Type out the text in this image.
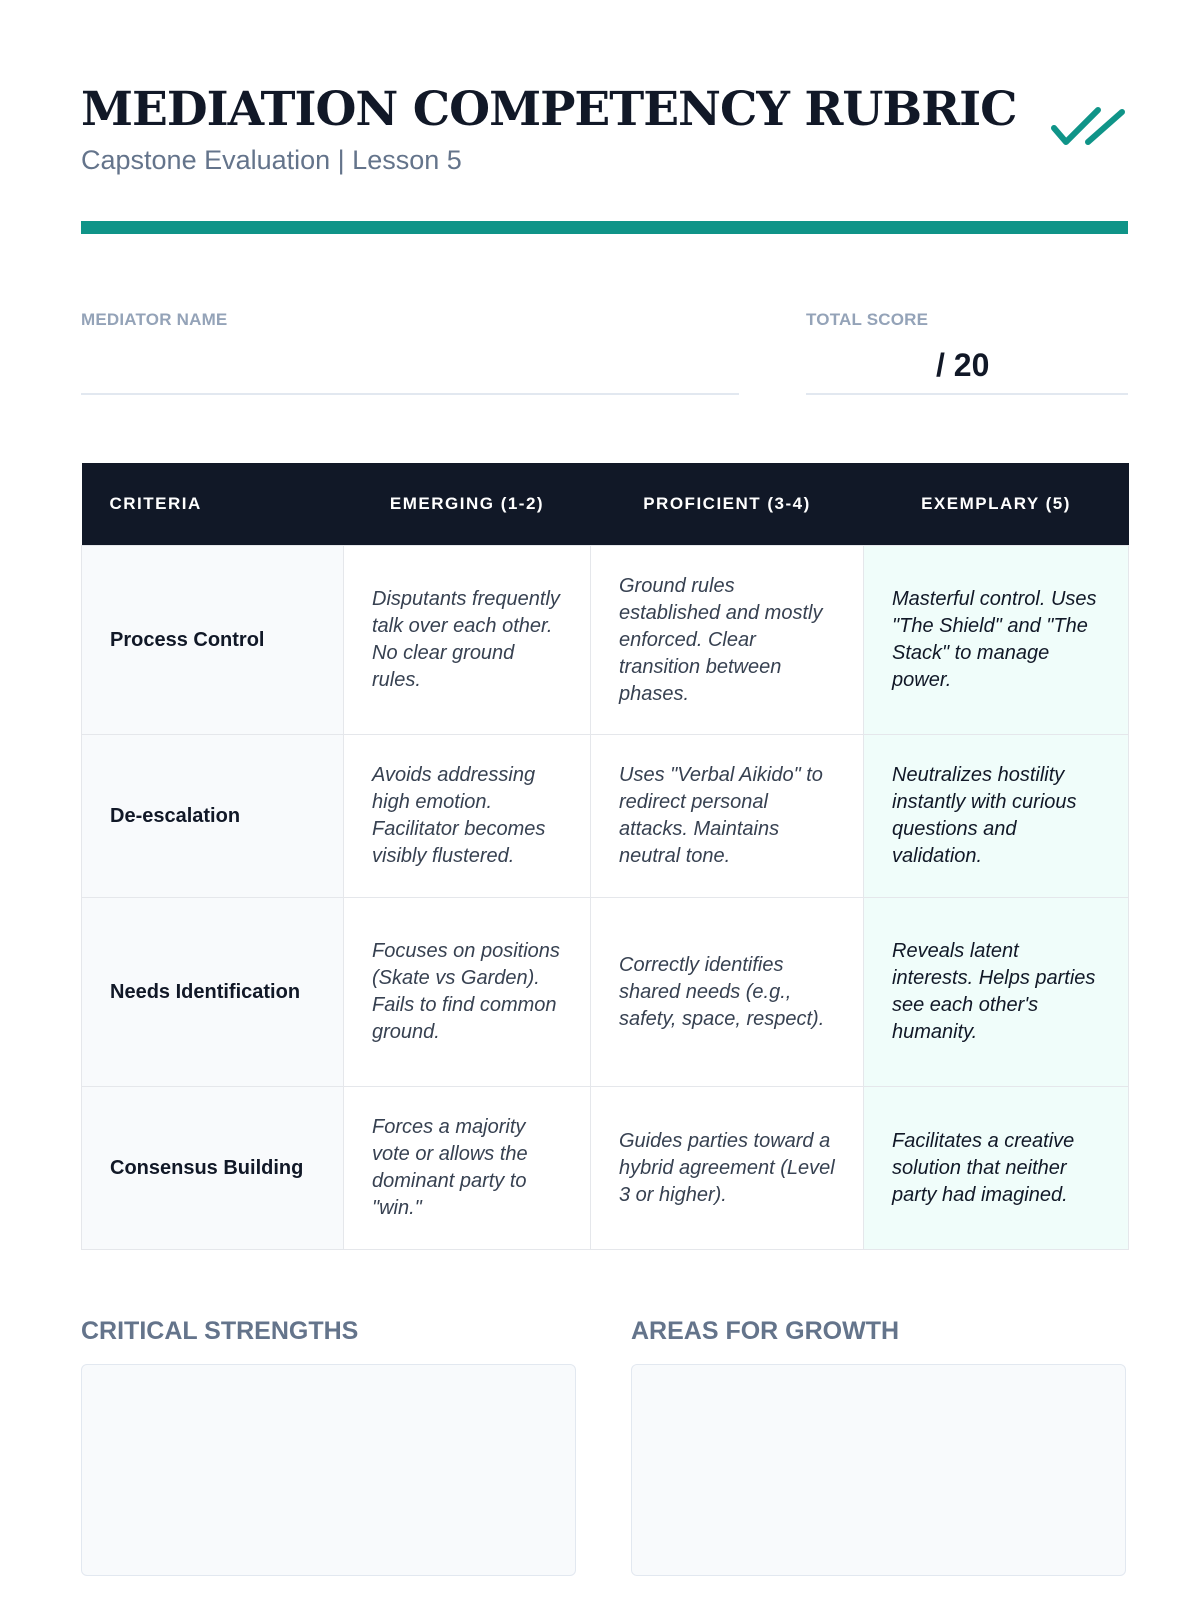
MEDIATION COMPETENCY RUBRIC
Capstone Evaluation | Lesson 5
MEDIATOR NAME	TOTAL SCORE
/ 20
CRITERIA	EMERGING (1-2)	PROFICIENT (3-4)	EXEMPLARY (5)
Process Control	Disputants frequently talk over each other. No clear ground rules.	Ground rules established and mostly enforced. Clear transition between phases.	Masterful control. Uses "The Shield" and "The Stack" to manage power.
De-escalation	Avoids addressing high emotion. Facilitator becomes visibly flustered.	Uses "Verbal Aikido" to redirect personal attacks. Maintains neutral tone.	Neutralizes hostility instantly with curious questions and validation.
Needs Identification	Focuses on positions (Skate vs Garden). Fails to find common ground.	Correctly identifies shared needs (e.g., safety, space, respect).	Reveals latent interests. Helps parties see each other's humanity.
Consensus Building	Forces a majority vote or allows the dominant party to "win."	Guides parties toward a hybrid agreement (Level 3 or higher).	Facilitates a creative solution that neither party had imagined.
CRITICAL STRENGTHS	AREAS FOR GROWTH
